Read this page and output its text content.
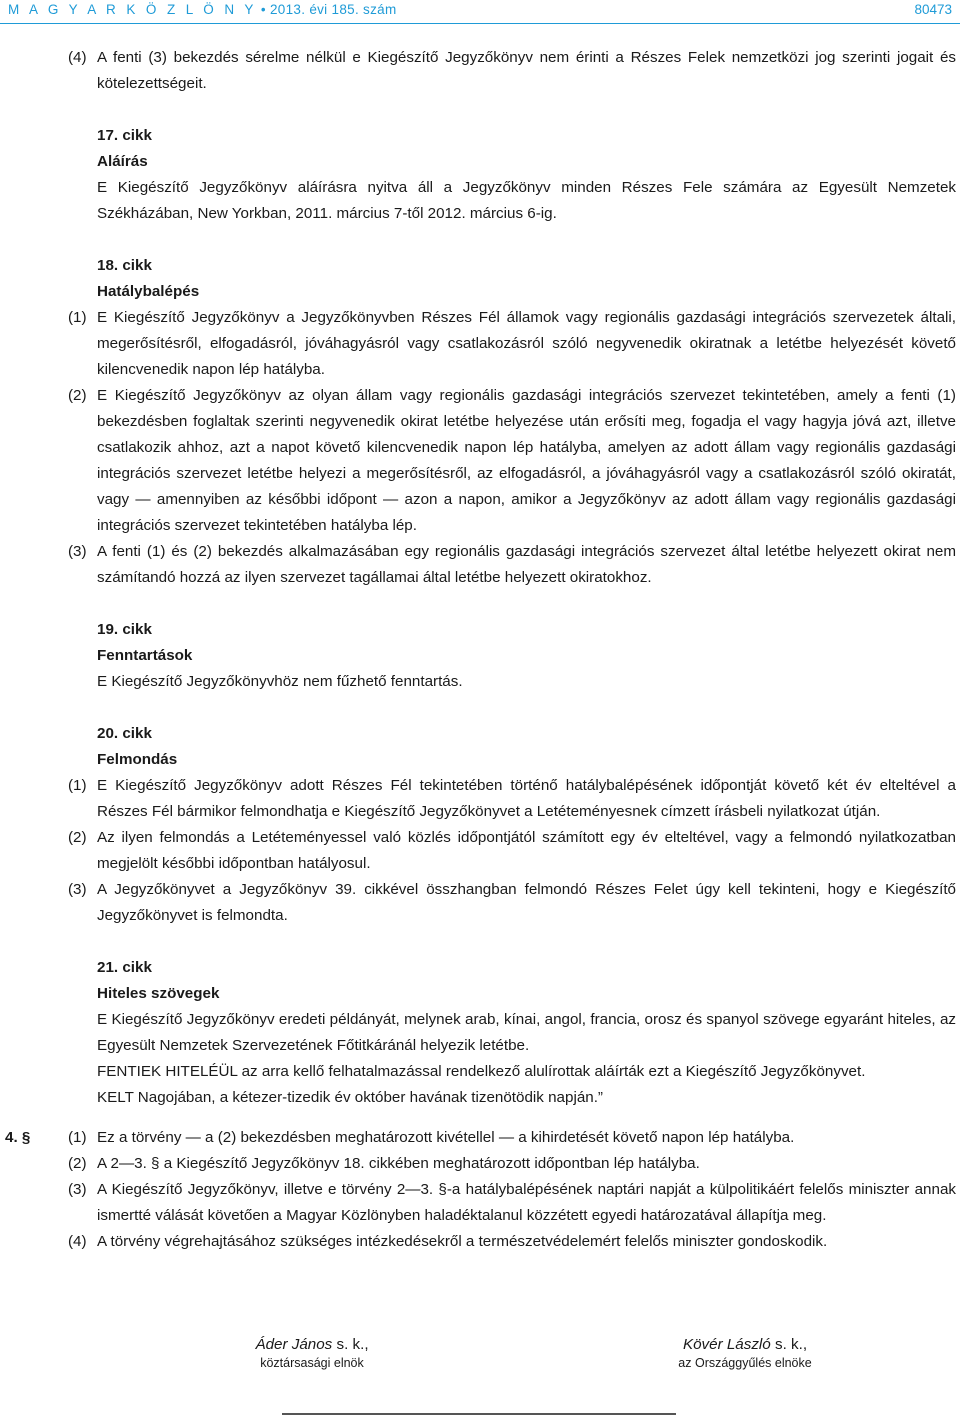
M A G Y A R K Ö Z L Ö N Y • 2013. évi 185. szám	80473
(4) A fenti (3) bekezdés sérelme nélkül e Kiegészítő Jegyzőkönyv nem érinti a Részes Felek nemzetközi jog szerinti jogait és kötelezettségeit.
17. cikk
Aláírás
E Kiegészítő Jegyzőkönyv aláírásra nyitva áll a Jegyzőkönyv minden Részes Fele számára az Egyesült Nemzetek Székházában, New Yorkban, 2011. március 7-től 2012. március 6-ig.
18. cikk
Hatálybalépés
(1) E Kiegészítő Jegyzőkönyv a Jegyzőkönyvben Részes Fél államok vagy regionális gazdasági integrációs szervezetek általi, megerősítésről, elfogadásról, jóváhagyásról vagy csatlakozásról szóló negyvenedik okiratnak a letétbe helyezését követő kilencvenedik napon lép hatályba.
(2) E Kiegészítő Jegyzőkönyv az olyan állam vagy regionális gazdasági integrációs szervezet tekintetében, amely a fenti (1) bekezdésben foglaltak szerinti negyvenedik okirat letétbe helyezése után erősíti meg, fogadja el vagy hagyja jóvá azt, illetve csatlakozik ahhoz, azt a napot követő kilencvenedik napon lép hatályba, amelyen az adott állam vagy regionális gazdasági integrációs szervezet letétbe helyezi a megerősítésről, az elfogadásról, a jóváhagyásról vagy a csatlakozásról szóló okiratát, vagy — amennyiben az későbbi időpont — azon a napon, amikor a Jegyzőkönyv az adott állam vagy regionális gazdasági integrációs szervezet tekintetében hatályba lép.
(3) A fenti (1) és (2) bekezdés alkalmazásában egy regionális gazdasági integrációs szervezet által letétbe helyezett okirat nem számítandó hozzá az ilyen szervezet tagállamai által letétbe helyezett okiratokhoz.
19. cikk
Fenntartások
E Kiegészítő Jegyzőkönyvhöz nem fűzhető fenntartás.
20. cikk
Felmondás
(1) E Kiegészítő Jegyzőkönyv adott Részes Fél tekintetében történő hatálybalépésének időpontját követő két év elteltével a Részes Fél bármikor felmondhatja e Kiegészítő Jegyzőkönyvet a Letéteményesnek címzett írásbeli nyilatkozat útján.
(2) Az ilyen felmondás a Letéteményessel való közlés időpontjától számított egy év elteltével, vagy a felmondó nyilatkozatban megjelölt későbbi időpontban hatályosul.
(3) A Jegyzőkönyvet a Jegyzőkönyv 39. cikkével összhangban felmondó Részes Felet úgy kell tekinteni, hogy e Kiegészítő Jegyzőkönyvet is felmondta.
21. cikk
Hiteles szövegek
E Kiegészítő Jegyzőkönyv eredeti példányát, melynek arab, kínai, angol, francia, orosz és spanyol szövege egyaránt hiteles, az Egyesült Nemzetek Szervezetének Főtitkáránál helyezik letétbe.
FENTIEK HITELÉÜL az arra kellő felhatalmazással rendelkező alulírottak aláírták ezt a Kiegészítő Jegyzőkönyvet.
KELT Nagojában, a kétezer-tizedik év október havának tizenötödik napján.”
4. § (1) Ez a törvény — a (2) bekezdésben meghatározott kivétellel — a kihirdetését követő napon lép hatályba.
(2) A 2—3. § a Kiegészítő Jegyzőkönyv 18. cikkében meghatározott időpontban lép hatályba.
(3) A Kiegészítő Jegyzőkönyv, illetve e törvény 2—3. §-a hatálybalépésének naptári napját a külpolitikáért felelős miniszter annak ismertté válását követően a Magyar Közlönyben haladéktalanul közzétett egyedi határozatával állapítja meg.
(4) A törvény végrehajtásához szükséges intézkedésekről a természetvédelemért felelős miniszter gondoskodik.
Áder János s. k.,
köztársasági elnök
Kövér László s. k.,
az Országgyűlés elnöke
